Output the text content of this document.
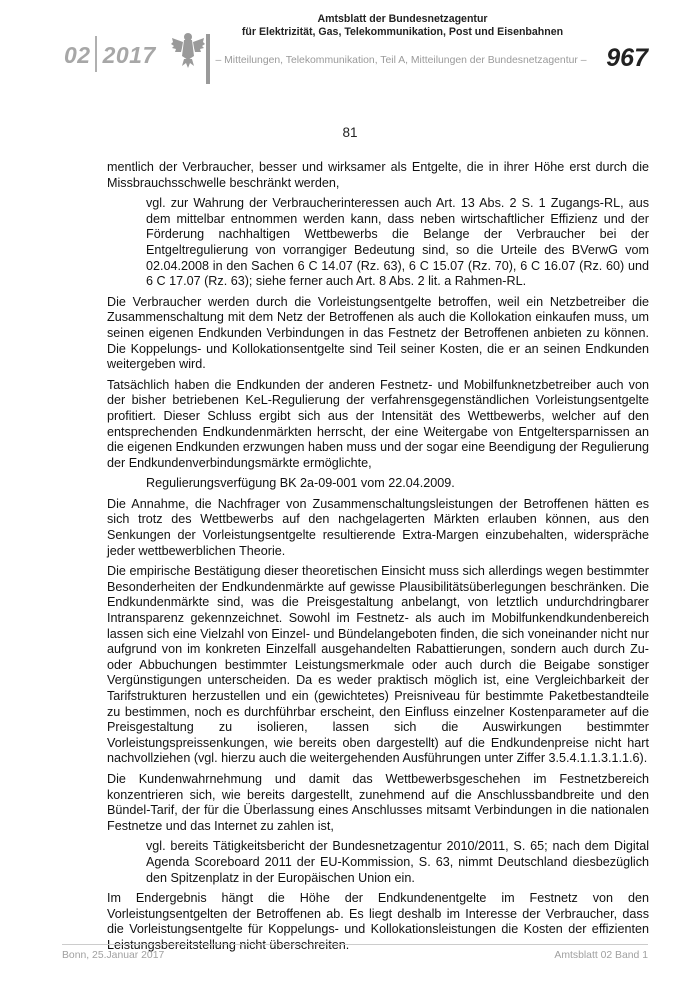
02 2017
Amtsblatt der Bundesnetzagentur
für Elektrizität, Gas, Telekommunikation, Post und Eisenbahnen
– Mitteilungen, Telekommunikation, Teil A, Mitteilungen der Bundesnetzagentur – 967
81

mentlich der Verbraucher, besser und wirksamer als Entgelte, die in ihrer Höhe erst durch die Missbrauchsschwelle beschränkt werden,

vgl. zur Wahrung der Verbraucherinteressen auch Art. 13 Abs. 2 S. 1 Zugangs-RL, aus dem mittelbar entnommen werden kann, dass neben wirtschaftlicher Effizienz und der Förderung nachhaltigen Wettbewerbs die Belange der Verbraucher bei der Entgeltregulierung von vorrangiger Bedeutung sind, so die Urteile des BVerwG vom 02.04.2008 in den Sachen 6 C 14.07 (Rz. 63), 6 C 15.07 (Rz. 70), 6 C 16.07 (Rz. 60) und 6 C 17.07 (Rz. 63); siehe ferner auch Art. 8 Abs. 2 lit. a Rahmen-RL.

Die Verbraucher werden durch die Vorleistungsentgelte betroffen, weil ein Netzbetreiber die Zusammenschaltung mit dem Netz der Betroffenen als auch die Kollokation einkaufen muss, um seinen eigenen Endkunden Verbindungen in das Festnetz der Betroffenen anbieten zu können. Die Koppelungs- und Kollokationsentgelte sind Teil seiner Kosten, die er an seinen Endkunden weitergeben wird.

Tatsächlich haben die Endkunden der anderen Festnetz- und Mobilfunknetzbetreiber auch von der bisher betriebenen KeL-Regulierung der verfahrensgegenständlichen Vorleistungsentgelte profitiert. Dieser Schluss ergibt sich aus der Intensität des Wettbewerbs, welcher auf den entsprechenden Endkundenmärkten herrscht, der eine Weitergabe von Entgeltersparnissen an die eigenen Endkunden erzwungen haben muss und der sogar eine Beendigung der Regulierung der Endkundenverbindungsmärkte ermöglichte,

Regulierungsverfügung BK 2a-09-001 vom 22.04.2009.

Die Annahme, die Nachfrager von Zusammenschaltungsleistungen der Betroffenen hätten es sich trotz des Wettbewerbs auf den nachgelagerten Märkten erlauben können, aus den Senkungen der Vorleistungsentgelte resultierende Extra-Margen einzubehalten, widerspräche jeder wettbewerblichen Theorie.

Die empirische Bestätigung dieser theoretischen Einsicht muss sich allerdings wegen bestimmter Besonderheiten der Endkundenmärkte auf gewisse Plausibilitätsüberlegungen beschränken. Die Endkundenmärkte sind, was die Preisgestaltung anbelangt, von letztlich undurchdringbarer Intransparenz gekennzeichnet. Sowohl im Festnetz- als auch im Mobilfunkendkundenbereich lassen sich eine Vielzahl von Einzel- und Bündelangeboten finden, die sich voneinander nicht nur aufgrund von im konkreten Einzelfall ausgehandelten Rabattierungen, sondern auch durch Zu- oder Abbuchungen bestimmter Leistungsmerkmale oder auch durch die Beigabe sonstiger Vergünstigungen unterscheiden. Da es weder praktisch möglich ist, eine Vergleichbarkeit der Tarifstrukturen herzustellen und ein (gewichtetes) Preisniveau für bestimmte Paketbestandteile zu bestimmen, noch es durchführbar erscheint, den Einfluss einzelner Kostenparameter auf die Preisgestaltung zu isolieren, lassen sich die Auswirkungen bestimmter Vorleistungspreissenkungen, wie bereits oben dargestellt) auf die Endkundenpreise nicht hart nachvollziehen (vgl. hierzu auch die weitergehenden Ausführungen unter Ziffer 3.5.4.1.1.3.1.1.6).

Die Kundenwahrnehmung und damit das Wettbewerbsgeschehen im Festnetzbereich konzentrieren sich, wie bereits dargestellt, zunehmend auf die Anschlussbandbreite und den Bündel-Tarif, der für die Überlassung eines Anschlusses mitsamt Verbindungen in die nationalen Festnetze und das Internet zu zahlen ist,

vgl. bereits Tätigkeitsbericht der Bundesnetzagentur 2010/2011, S. 65; nach dem Digital Agenda Scoreboard 2011 der EU-Kommission, S. 63, nimmt Deutschland diesbezüglich den Spitzenplatz in der Europäischen Union ein.

Im Endergebnis hängt die Höhe der Endkundenentgelte im Festnetz von den Vorleistungsentgelten der Betroffenen ab. Es liegt deshalb im Interesse der Verbraucher, dass die Vorleistungsentgelte für Koppelungs- und Kollokationsleistungen die Kosten der effizienten

Bonn, 25.Januar 2017	Amtsblatt 02 Band 1
